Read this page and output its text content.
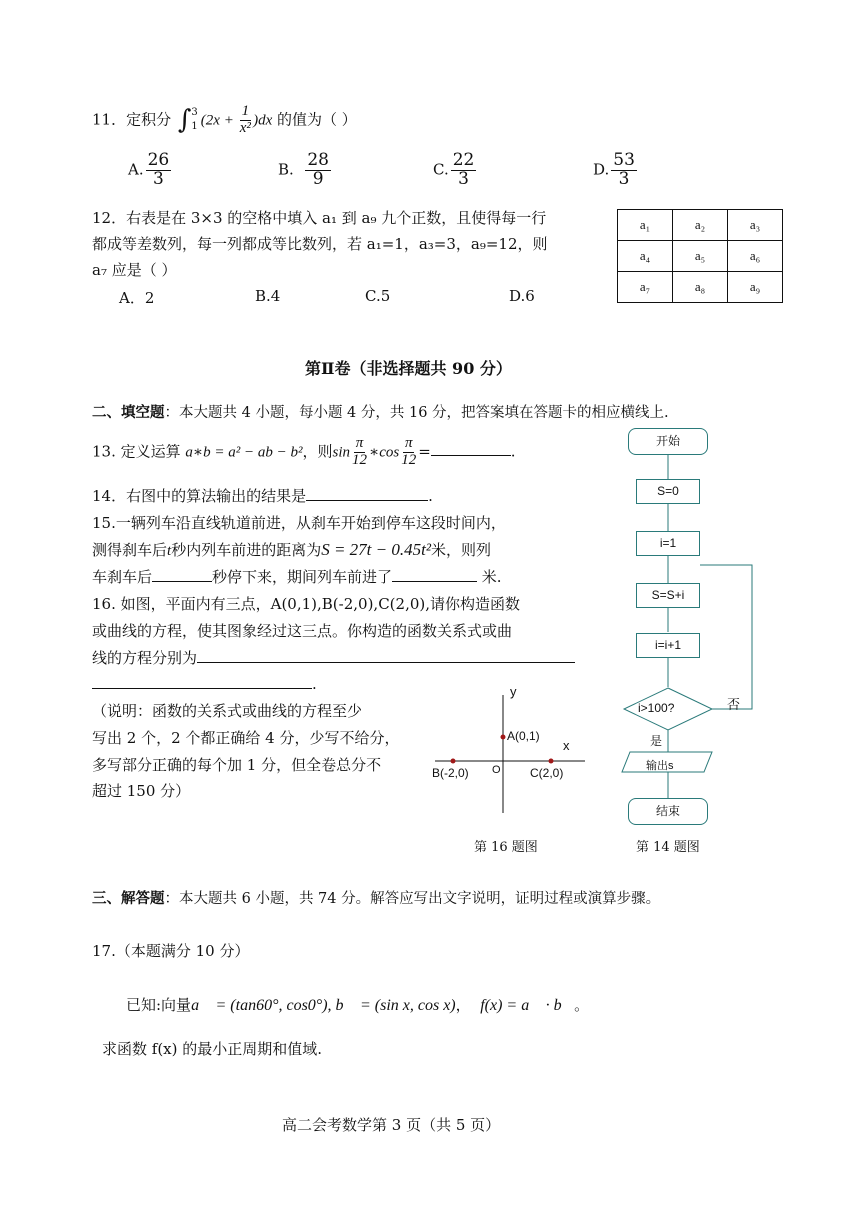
11．定积分 ∫ 3
1 $(2x + \frac{1}{\text{x²}} )dx$ 的值为（ ）
A. $\frac{26}{3}$	B. $\frac{28}{9}$	C. $\frac{22}{3}$	D. $\frac{53}{3}$
12．右表是在 3×3 的空格中填入 a₁ 到 a₉ 九个正数，且使得每一行
都成等差数列，每一列都成等比数列，若 a₁=1，a₃=3，a₉=12，则
a₇ 应是（ ）
A．2	B.4	C.5	D.6
a₁	a₂	a₃
a₄	a₅	a₆
a₇	a₈	a₉
第Ⅱ卷（非选择题共 90 分）
二、填空题：本大题共 4 小题，每小题 4 分，共 16 分，把答案填在答题卡的相应横线上.
13. 定义运算 a∗b = a² − ab − b²，则$\sin \frac{\pi}{12}$ ∗cos $\frac{\pi}{12}$ =	.
14．右图中的算法输出的结果是	.
15.一辆列车沿直线轨道前进，从刹车开始到停车这段时间内，
测得刹车后t秒内列车前进的距离为S = 27t − 0.45t²米，则列
车刹车后	秒停下来，期间列车前进了	米.
16. 如图，平面内有三点，A(0,1),B(-2,0),C(2,0),请你构造函数
或曲线的方程，使其图象经过这三点。你构造的函数关系式或曲
线的方程分别为
.
（说明：函数的关系式或曲线的方程至少
写出 2 个，2 个都正确给 4 分，少写不给分，
多写部分正确的每个加 1 分，但全卷总分不
超过 150 分）
y
x
O
A(0,1)
B(-2,0)	C(2,0)
第 16 题图
开始
S=0
i=1
S=S+i
i=i+1
i>100?	否
是
输出s
结束
第 14 题图
三、解答题：本大题共 6 小题，共 74 分。解答应写出文字说明，证明过程或演算步骤。
17.（本题满分 10 分）
已知:向量a⃗ = (tan60°, cos0°), b⃗ = (sin x, cos x)， f(x) = a⃗ · b⃗。
求函数 f(x) 的最小正周期和值域.
高二会考数学第 3 页（共 5 页）
